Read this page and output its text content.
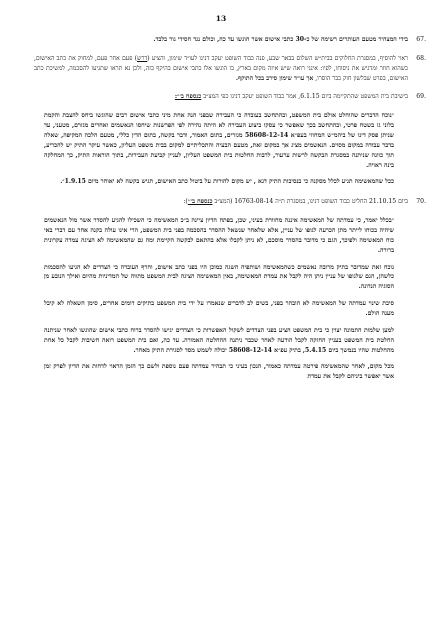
13
.67
בידי המצהיר מטעם העותרים רשימה של כ-30 כתבי אישום אשר הוגשו עד כה, וכולם נגד חסידי גור בלבד.
.68
ראוי להוסיף, במסגרת החלוקים בבית״ש השלום בבאר שבע, פנה כבוד השופט יעקב דנינו לעו״ד שימון, והציע (דרש) פעם אחר פעם, למחוק את כתב האישום, כשהוא חוזר ומדגיש את ניסוחו, לפיו: אינני רואה שיש איזה מקום בארץ, בו הוגשו אלו כתבי אישום בהיקף כזה, ולכן נא תראו שתגיעו להסכמה, למשיכת כתב האישום, בפרט שבלשון חוק כבר הוסרו, אך עו״ד שימון סירב בכל התוקף.
.69
בישיבת בית המשפט שהתקיימה ביום 6.1.15, אמר כבוד השופט יעקב דנינו כפי המצ״ב כנספח ב׳״:
״נוכח הדברים שהוחלט אולם בית המשפט, ובהתחשב בעובדה כי העבירה שבפני הנה אחת מיני כתבי אישום רבים שהוגשו ביחס להצבת והקמת בלוני גז בשטח פרטי, ובהתחשב בכך שאפשר כי עסקו ביצוע העבירה לא היתה נהירה לפי הפרשנות שיחסו הנאשמים ואחרים מגזרם, מטעני, עד שניתן פסק דינו של ביהמ״ש המחוזי בעפ״א 58608-12-14 מגזרים, בתום האמור, ודבר בקשה, בתום הדין כללי, מטעם הלכה המקיפה, שאלה בדבר עבודה במקום מסוים. הנאשמים מציג אך במקום זאת, מטעם הבעיה והתכליתיים למקום בבית משפט העליון, כאשר עיקר התיק יש להכריע, תוך כוונה שניתנה במסגרת הבקשה לרשות ערעור, לרבות החלטות בית המשפט העליון, לעניין קביעת העבירות, בתוך הוראות התיק, כך המחלקה בינה ראויה.
ככל שהמאשימה תגיע לכלל מסקנה כי בנסיבות התיק דנא , יש מקום להורות על ביטול כתב האישום, תגיש בקשה לא יאוחר מיום 1.9.15״.
.70
ביום 21.10.15 החליט כבוד השופט דנינו, במסגרת ת״ה 16763-08-14 (המצ״ב כנספח ב׳׳׳):
״בכלל יאמר, כי עמדתה של המאשימה איננה מחוורת בעיני, שכן, בפתח הדיון ציינה ב״כ המאשימה כי השכילו להגיע להסדר אשר מול הנאשמים שיהיה בכוחו לייתר מתן הכרעה לגופו של עניין, אלא שלאחר שנשאל ההסדר בהסכמה בפני בית המשפט, הרי אינו עולה בקנה אחד עם דברי באי כוח המאשימה ולפיכך, הגם כי מדובר בהסדר מוסכם, לא ניתן לקבלו אלא בהתאם לבקשה הקיימת ומה גם שהמאשימה לא הציגה עמדה עקרונית ברורה.
נוכח זאת שמדובר בתיק מרובה נאשמים כשהמאשימה ושותפיה השגה כמוכן היו בפני כתב אישום, וחרף העובדה כי הצדדים לא הגיעו להסכמות כלשהן, הגם שלגופו של עניין ניתן היה לקבל את עמדת המאשימה, באין המאשימה הציגה לבית המשפט מתווה של המדיניות מהיום ואילך הנובע מן הסוגיה הנדונה.
סיבת שינוי עמדתה של המאשימה לא הובהר בפני, בשים לב לדברים שנאמרו על ידי בית המשפט בתיקים דומים אחרים, סימן השאלה לא קיבל מענה הולם.
למען שלמות התמונה יצוין כי בית המשפט הציע בפני הצדדים לשקול האפשרות כי הצדדים יגישו להסדר ברוח כתבי אישום שהוגשו לאחר שניתנה החלטת בית המשפט בעניין החזקה לקבל הודעה לאחר שכבר ניתנה ההחלטה האמורה. עד כה, ואם בית המשפט רואה חשיבות לקבל כל אחת מהחלטות שהיו בנמשך ביום 5.4.15, בתיק עפ״א 58608-12-14 יכולה לשמש מסד לסגירת התיק מאחר.
מכל מקום, לאחר שהמאשימה פירטה עמדתה כאמור, הנכון בעיני כי תבהיר עמדתה פעם נוספת ולשם כך הזמן הראוי לדחות את הדיון לפרק זמן אשר יאפשר ביניהם לקבל את עמדת
